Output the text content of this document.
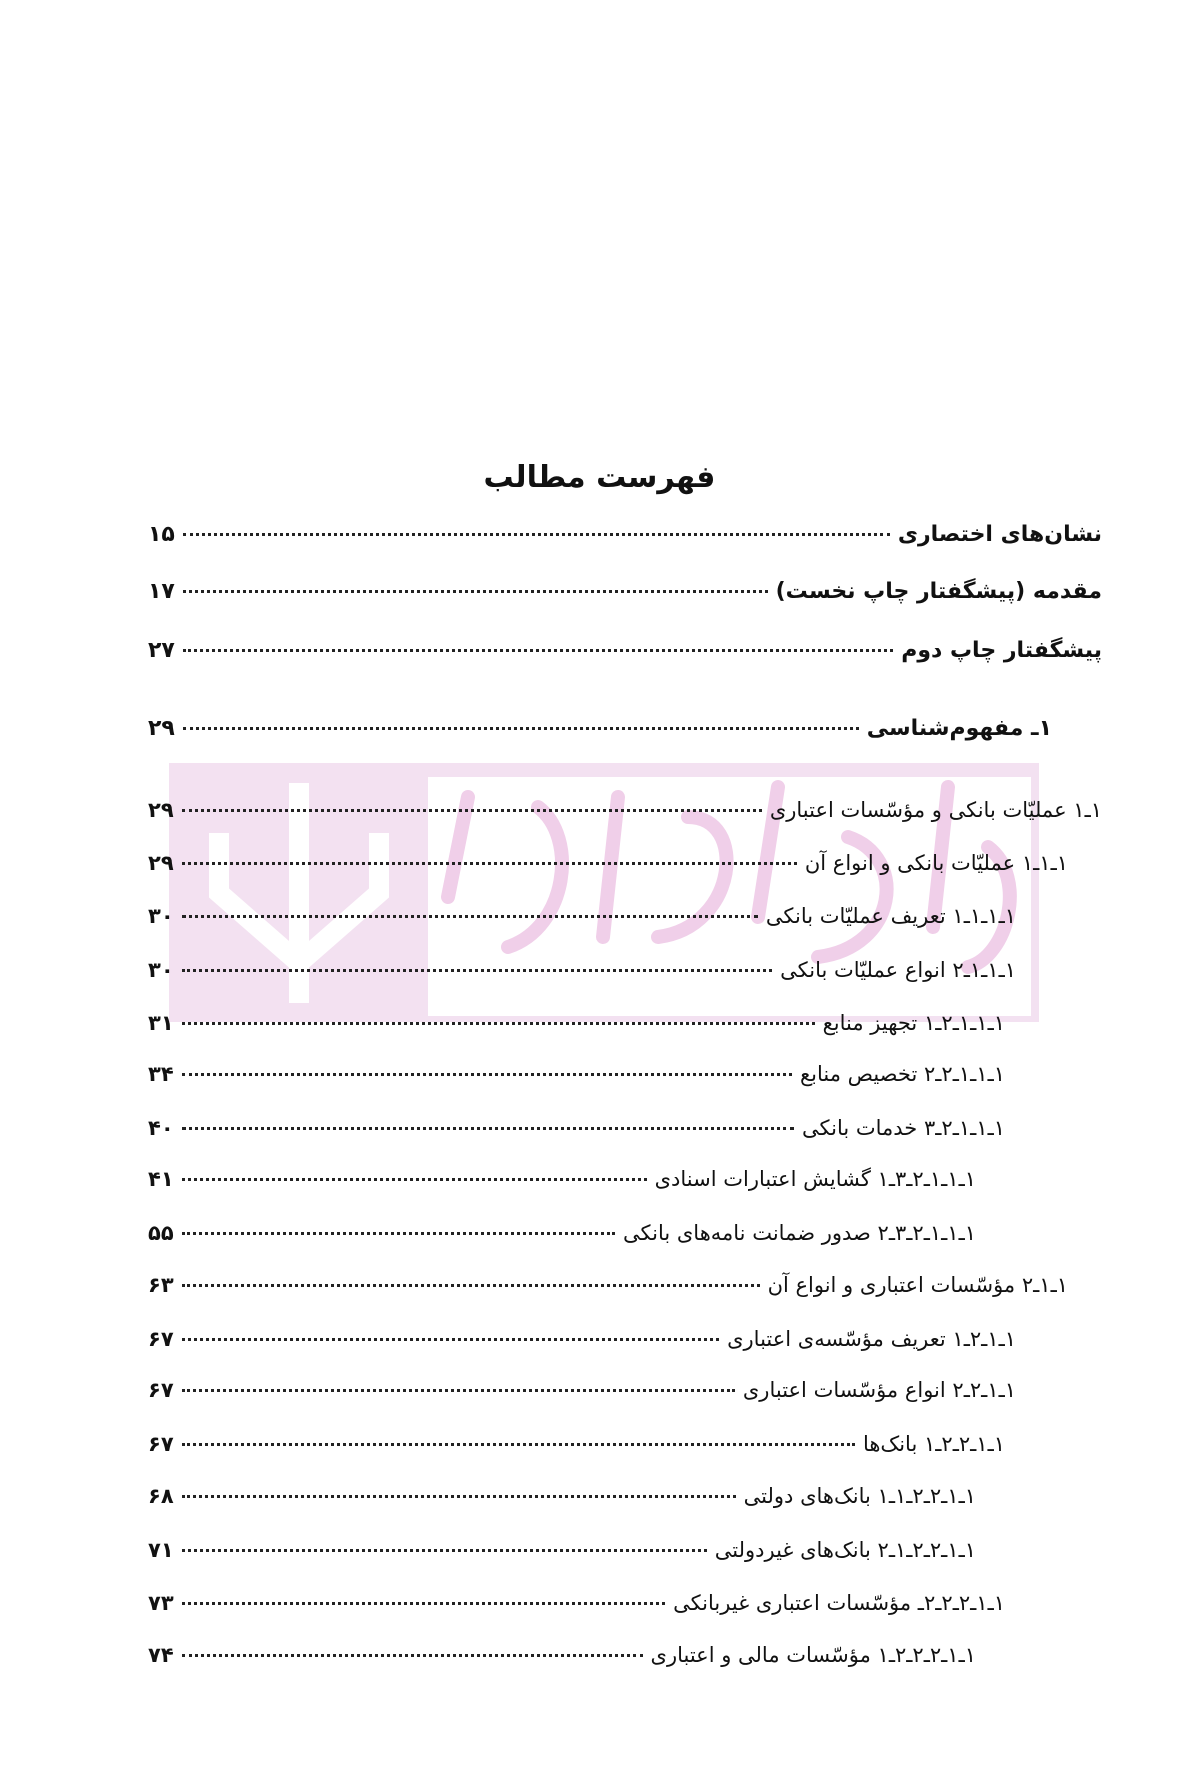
فهرست مطالب
نشان‌های اختصاری
۱۵
مقدمه (پیشگفتار چاپ نخست)
۱۷
پیشگفتار چاپ دوم
۲۷
۱ـ مفهوم‌شناسی
۲۹
۱ـ۱ عملیّات بانکی و مؤسّسات اعتباری
۲۹
۱ـ۱ـ۱ عملیّات بانکی و انواع آن
۲۹
۱ـ۱ـ۱ـ۱ تعریف عملیّات بانکی
۳۰
۱ـ۱ـ۱ـ۲ انواع عملیّات بانکی
۳۰
۱ـ۱ـ۱ـ۲ـ۱ تجهیز منابع
۳۱
۱ـ۱ـ۱ـ۲ـ۲ تخصیص منابع
۳۴
۱ـ۱ـ۱ـ۲ـ۳ خدمات بانکی
۴۰
۱ـ۱ـ۱ـ۲ـ۳ـ۱ گشایش اعتبارات اسنادی
۴۱
۱ـ۱ـ۱ـ۲ـ۳ـ۲ صدور ضمانت نامه‌های بانکی
۵۵
۱ـ۱ـ۲ مؤسّسات اعتباری و انواع آن
۶۳
۱ـ۱ـ۲ـ۱ تعریف مؤسّسه‌ی اعتباری
۶۷
۱ـ۱ـ۲ـ۲ انواع مؤسّسات اعتباری
۶۷
۱ـ۱ـ۲ـ۲ـ۱ بانک‌ها
۶۷
۱ـ۱ـ۲ـ۲ـ۱ـ۱ بانک‌های دولتی
۶۸
۱ـ۱ـ۲ـ۲ـ۱ـ۲ بانک‌های غیردولتی
۷۱
۱ـ۱ـ۲ـ۲ـ۲ـ مؤسّسات اعتباری غیربانکی
۷۳
۱ـ۱ـ۲ـ۲ـ۲ـ۱ مؤسّسات مالی و اعتباری
۷۴
